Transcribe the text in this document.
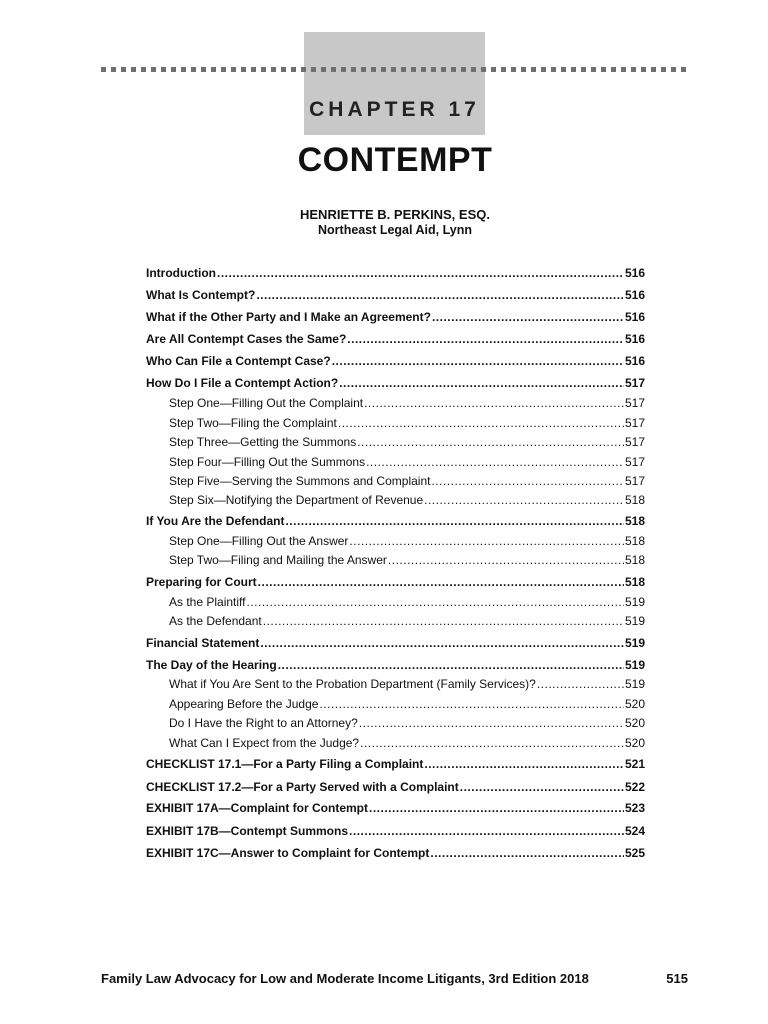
CHAPTER 17
CONTEMPT
HENRIETTE B. PERKINS, ESQ.
Northeast Legal Aid, Lynn
Introduction .....	516
What Is Contempt? .....	516
What if the Other Party and I Make an Agreement? .....	516
Are All Contempt Cases the Same? .....	516
Who Can File a Contempt Case? .....	516
How Do I File a Contempt Action? .....	517
Step One—Filling Out the Complaint .....	517
Step Two—Filing the Complaint .....	517
Step Three—Getting the Summons .....	517
Step Four—Filling Out the Summons .....	517
Step Five—Serving the Summons and Complaint .....	517
Step Six—Notifying the Department of Revenue .....	518
If You Are the Defendant .....	518
Step One—Filling Out the Answer .....	518
Step Two—Filing and Mailing the Answer .....	518
Preparing for Court .....	518
As the Plaintiff .....	519
As the Defendant .....	519
Financial Statement .....	519
The Day of the Hearing .....	519
What if You Are Sent to the Probation Department (Family Services)? .....	519
Appearing Before the Judge .....	520
Do I Have the Right to an Attorney? .....	520
What Can I Expect from the Judge? .....	520
CHECKLIST 17.1—For a Party Filing a Complaint .....	521
CHECKLIST 17.2—For a Party Served with a Complaint .....	522
EXHIBIT 17A—Complaint for Contempt .....	523
EXHIBIT 17B—Contempt Summons .....	524
EXHIBIT 17C—Answer to Complaint for Contempt .....	525
Family Law Advocacy for Low and Moderate Income Litigants, 3rd Edition 2018	515
